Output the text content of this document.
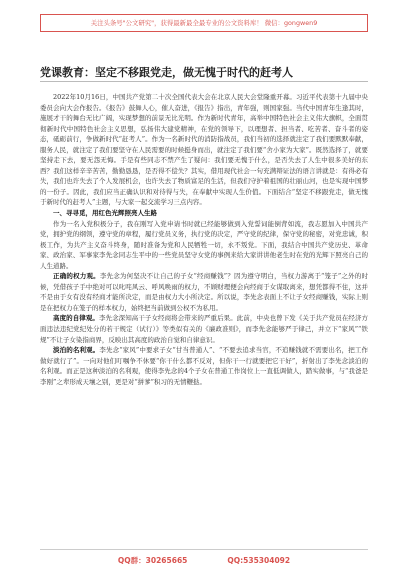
关注头条号"公文研究"，获得最新最全最专业的公文资料库！ 微信：gongwen9
党课教育：坚定不移跟党走，做无愧于时代的赶考人

2022年10月16日，中国共产党第二十次全国代表大会在北京人民大会堂隆重开幕。习近平代表第十九届中央委员会向大会作报告。《报告》鼓舞人心，催人奋进，《报告》指出，青年强，则国家强。当代中国青年生逢其时，施展才干的舞台无比广阔，实现梦想的前景无比光明。作为新时代青年，高举中国特色社会主义伟大旗帜，全面贯彻新时代中国特色社会主义思想，弘扬伟大建党精神，在党的领导下，以理想者、担当者、吃苦者、奋斗者的姿态，砥砺前行，争做新时代“赶考人”。作为一名新时代的消防指战员，我们当初的选择就注定了我们要默默奉献，服务人民，就注定了我们要坚守在人民需要的时候挺身而出，就注定了我们要“舍小家为大家”。既然选择了，就要坚持走下去，要无怨无悔。手是有些同志不禁产生了疑问：我们要无愧于什么，是否失去了人生中很多美好的东西？我们这样辛辛苦苦，勤勤恳恳，是否得不偿失？其实，借用现代社会一句充满辩证法的语言讲就是：有得必有失，我们也许失去了个人发展机会，也许失去了物质富足的生活，但我们守护着祖国的壮丽山河，也是实现中国梦的一份子。因此，我们应当正确认识和对待得与失，在奉献中实现人生价值。下面结合“坚定不移跟党走，做无愧于新时代的赶考人”主题，与大家一起交流学习三点内容。

一、寻寻觅，用红色光辉照亮人生路

作为一名入党积极分子，我在刚写入党申请书时就已经能够做到入党誓词能倒背如流，我志愿加入中国共产党，拥护党的纲领，遵守党的章程，履行党员义务，执行党的决定，严守党的纪律，保守党的秘密，对党忠诚，积极工作，为共产主义奋斗终身，随时准备为党和人民牺牲一切，永不叛党。下面，我结合中国共产党历史、革命家、政治家、军事家李先念同志生平中的一些党员坚守女党的事例来给大家讲讲他老生时在党的光辉下照亮自己的人生道路。

正确的权力观。李先念为何坚决不让自己的子女“经商赚钱”？因为遵守明白，当权力游离于“笼子”之外的时候，凭借孩子手中绝对可以叱咤风云、呼风唤雨的权力，不顾财理便会向经商于女谋取离来，想凭都得不住，这并不是由于女有没有经商才能所决定，而是由权力大小所决定。所以说，李先念表面上不让子女经商赚钱，实际上则是在把权力在笼子的样本权力，始终把当前做到公权不为私用。

高度的自律观。李先念深知高干子女经商将会带来的严重后果。此前，中央也曾下发《关于共产党员在经济方面违法违纪党纪处分的若干规定（试行）》等类似有关的《廉政准则》，而李先念能够严于律己，并立下“家风”“铁规”不让子女染指商界，反映出其高度的政治自觉和自律意识。

淡泊的名利观。李先念“家风”中要求子女“甘当普通人”、“不要去追求当官，不追赚钱就不需要出名，把工作做好就行了”。一向对他们叮嘱争不休要“你干什么都不反对，但你干一行就要把它干好”，折射出了李先念淡泊的名利观。而正是这种淡泊的名利观，使得李先念的4个子女在普通工作岗位上一直低调做人，踏实做事，与“我爸是李刚”之辈形成天壤之别，更是对“拼爹”积习的无情鞭挞。

QQ群：30265665	QQ:535304092
